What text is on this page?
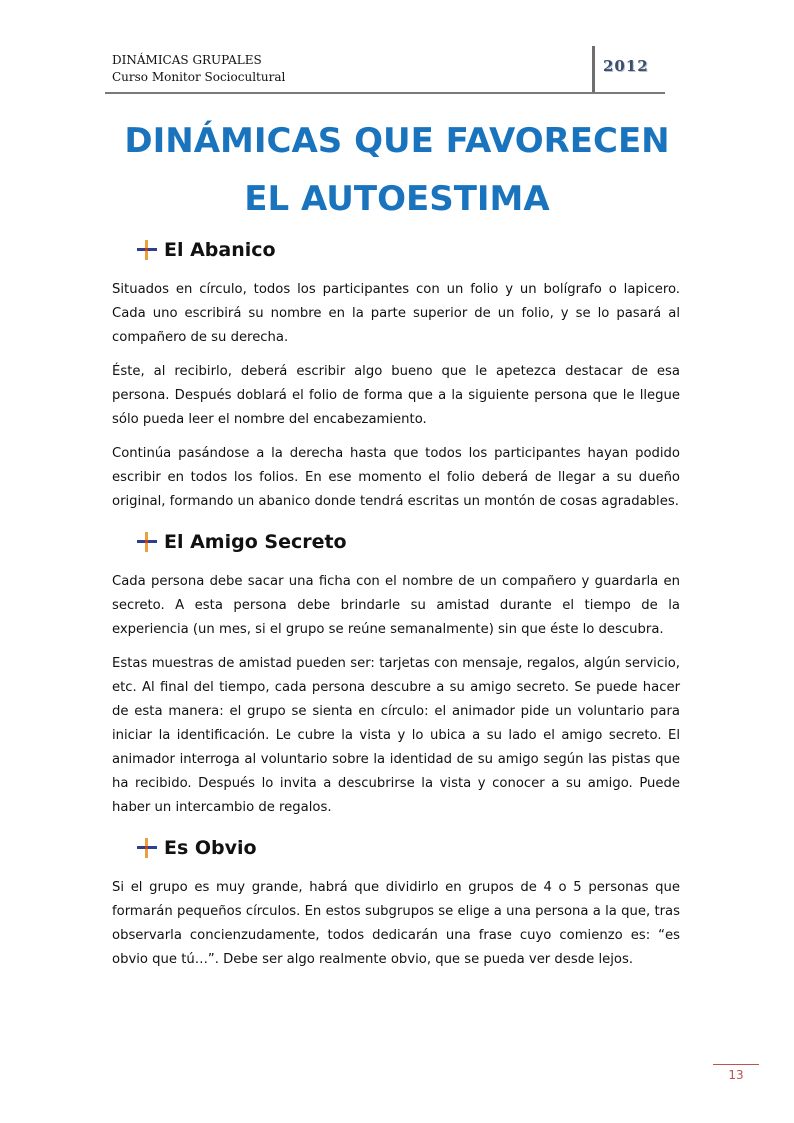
DINÁMICAS GRUPALES
Curso Monitor Sociocultural
2012
DINÁMICAS QUE FAVORECEN
EL AUTOESTIMA
El Abanico

Situados en círculo, todos los participantes con un folio y un bolígrafo o lapicero. Cada uno escribirá su nombre en la parte superior de un folio, y se lo pasará al compañero de su derecha.

Éste, al recibirlo, deberá escribir algo bueno que le apetezca destacar de esa persona. Después doblará el folio de forma que a la siguiente persona que le llegue sólo pueda leer el nombre del encabezamiento.

Continúa pasándose a la derecha hasta que todos los participantes hayan podido escribir en todos los folios. En ese momento el folio deberá de llegar a su dueño original, formando un abanico donde tendrá escritas un montón de cosas agradables.

El Amigo Secreto

Cada persona debe sacar una ficha con el nombre de un compañero y guardarla en secreto. A esta persona debe brindarle su amistad durante el tiempo de la experiencia (un mes, si el grupo se reúne semanalmente) sin que éste lo descubra.

Estas muestras de amistad pueden ser: tarjetas con mensaje, regalos, algún servicio, etc. Al final del tiempo, cada persona descubre a su amigo secreto. Se puede hacer de esta manera: el grupo se sienta en círculo: el animador pide un voluntario para iniciar la identificación. Le cubre la vista y lo ubica a su lado el amigo secreto. El animador interroga al voluntario sobre la identidad de su amigo según las pistas que ha recibido. Después lo invita a descubrirse la vista y conocer a su amigo. Puede haber un intercambio de regalos.

Es Obvio

Si el grupo es muy grande, habrá que dividirlo en grupos de 4 o 5 personas que formarán pequeños círculos. En estos subgrupos se elige a una persona a la que, tras observarla concienzudamente, todos dedicarán una frase cuyo comienzo es: “es obvio que tú…”. Debe ser algo realmente obvio, que se pueda ver desde lejos.

13
